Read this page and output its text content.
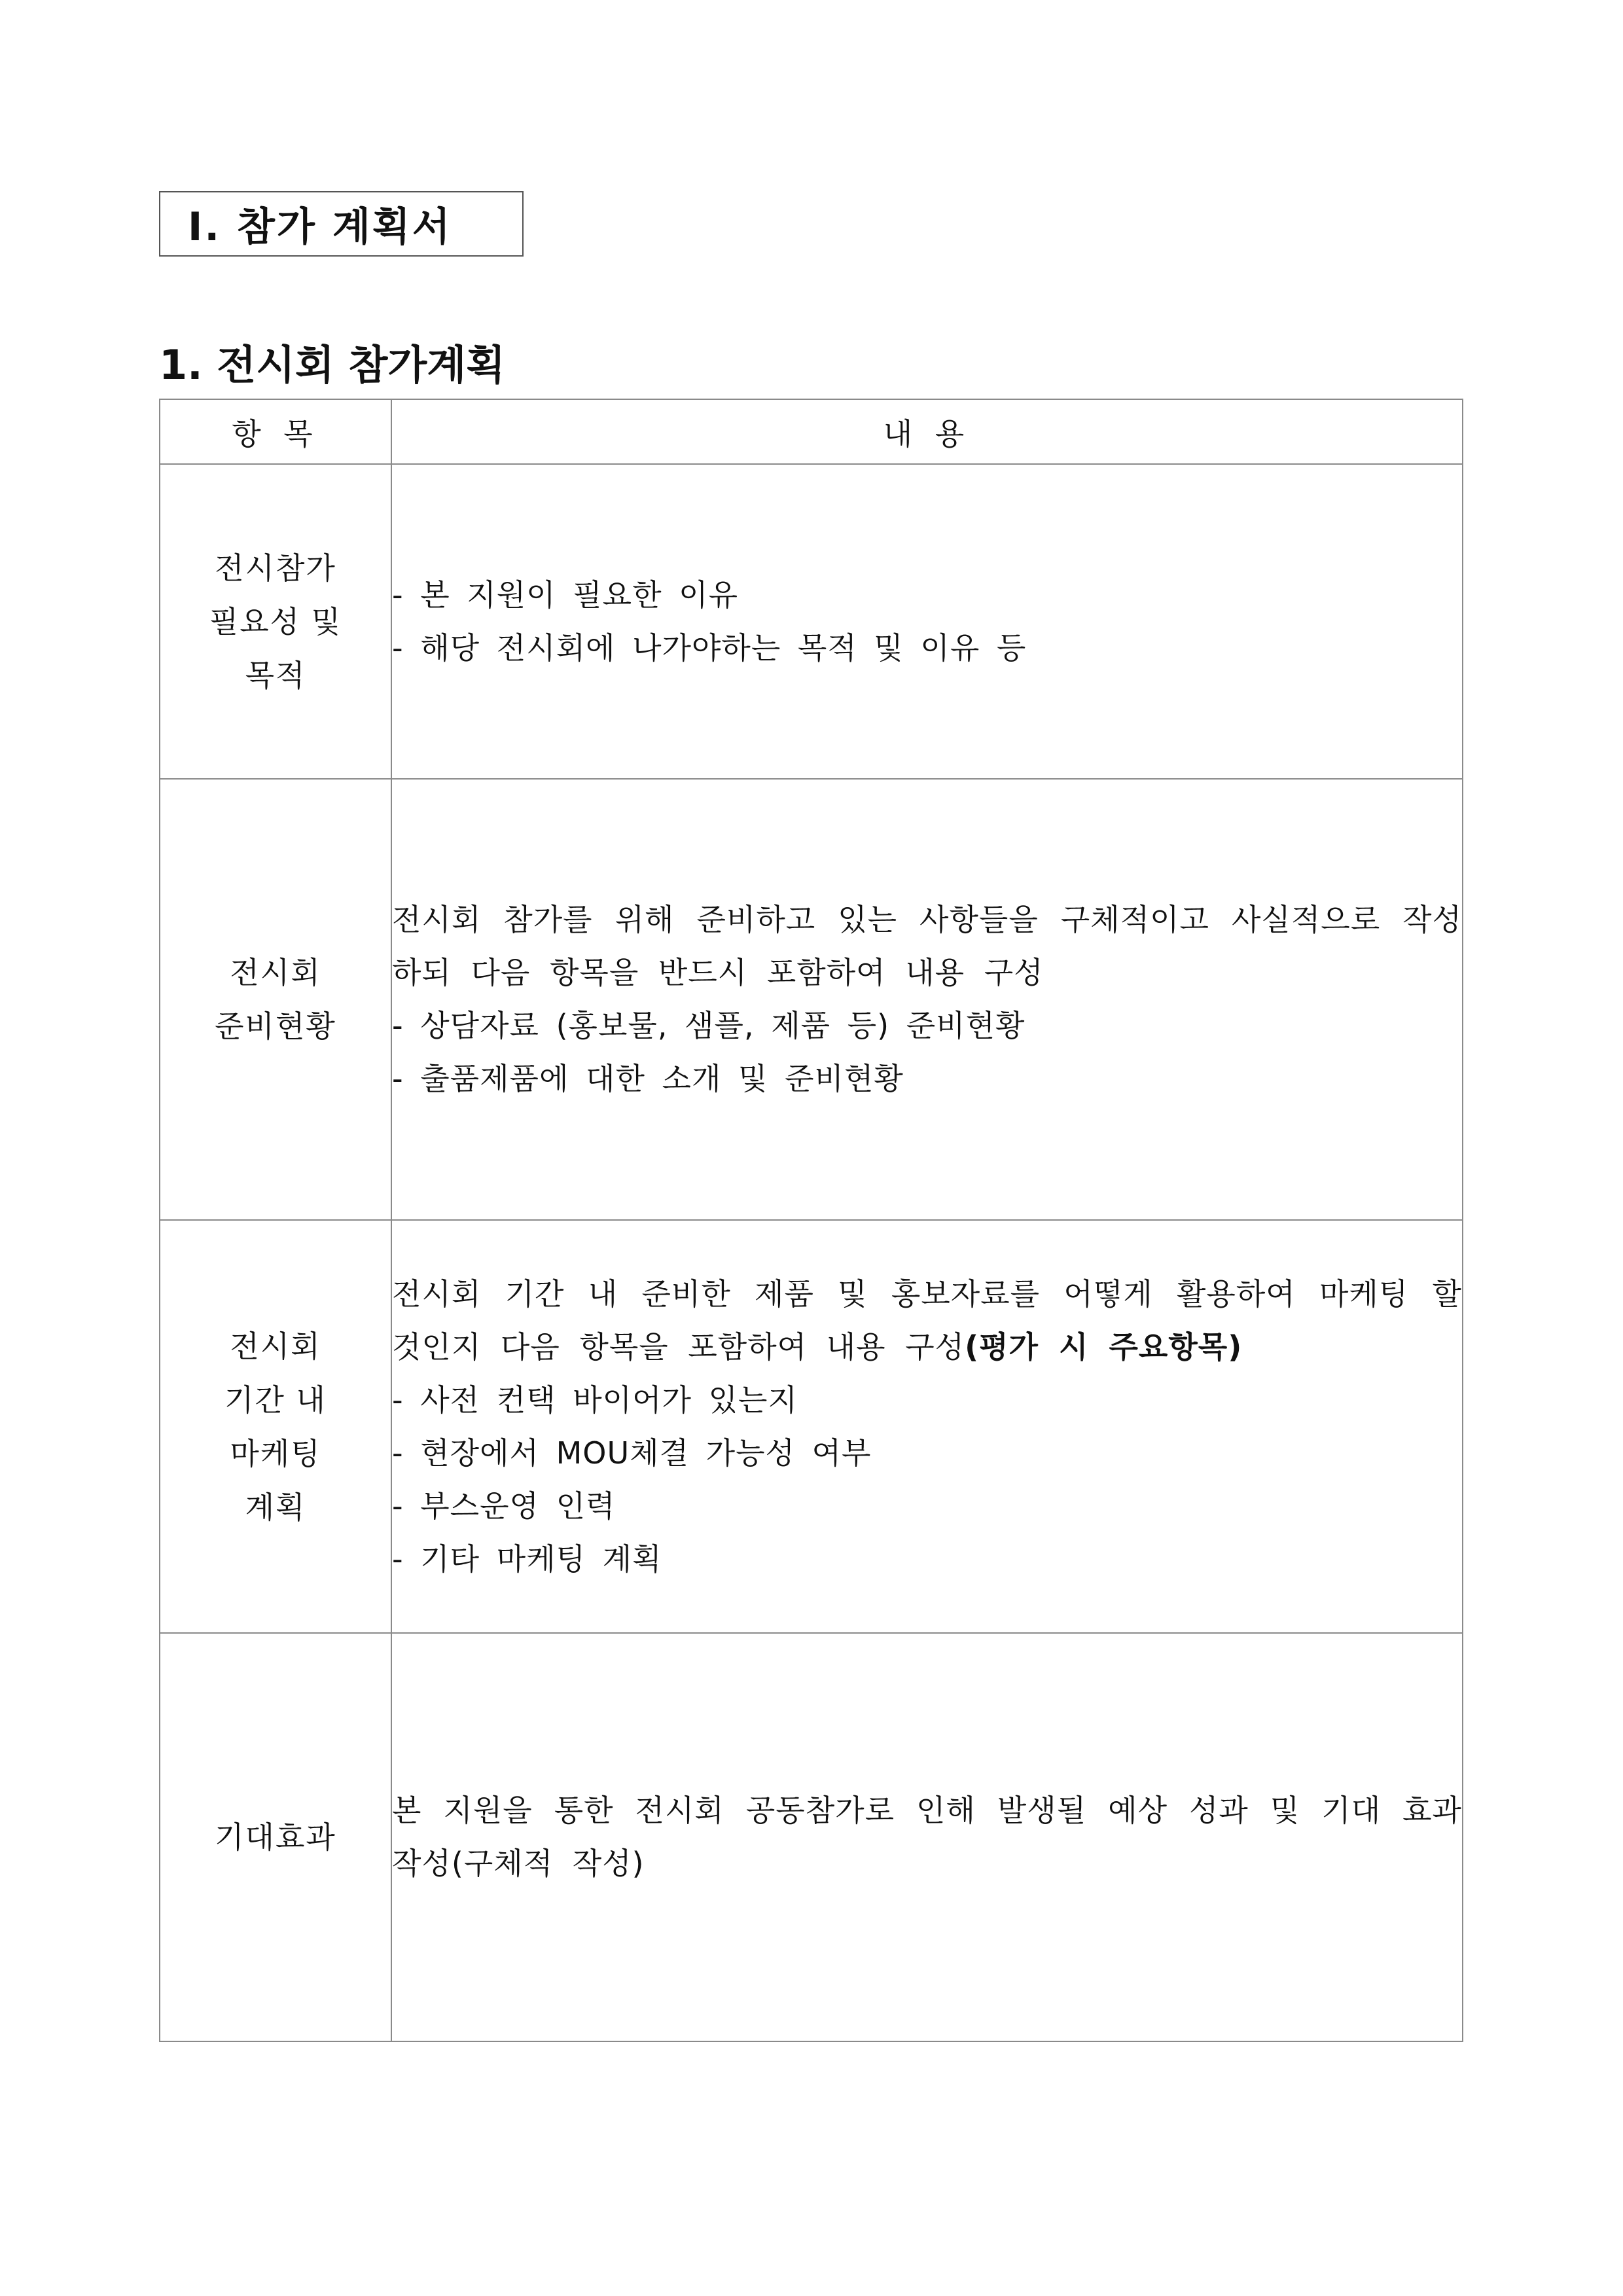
Ⅰ. 참가 계획서
1. 전시회 참가계획
항 목	내 용

전시참가
필요성 및
목적	- 본 지원이 필요한 이유
- 해당 전시회에 나가야하는 목적 및 이유 등

전시회
준비현황	전시회 참가를 위해 준비하고 있는 사항들을 구체적이고 사실적으로 작성하되 다음 항목을 반드시 포함하여 내용 구성
- 상담자료 (홍보물, 샘플, 제품 등) 준비현황
- 출품제품에 대한 소개 및 준비현황

전시회
기간 내
마케팅
계획	전시회 기간 내 준비한 제품 및 홍보자료를 어떻게 활용하여 마케팅 할 것인지 다음 항목을 포함하여 내용 구성(평가 시 주요항목)
- 사전 컨택 바이어가 있는지
- 현장에서 MOU체결 가능성 여부
- 부스운영 인력
- 기타 마케팅 계획

기대효과	본 지원을 통한 전시회 공동참가로 인해 발생될 예상 성과 및 기대 효과 작성(구체적 작성)
